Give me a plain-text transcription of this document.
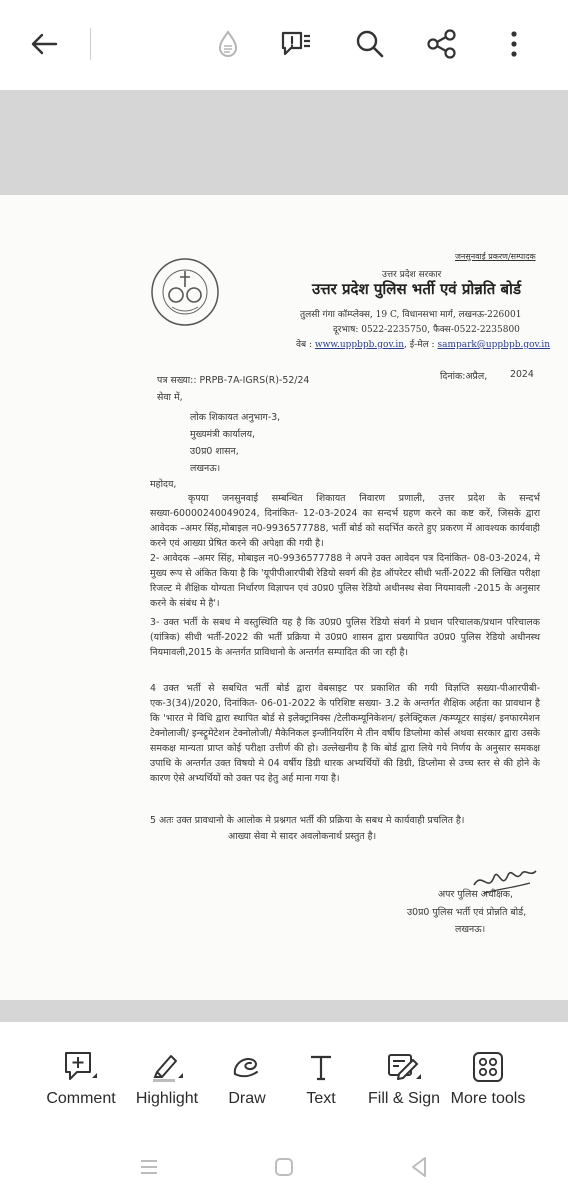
जनसुनवाई प्रकरण/सम्पादक
उत्तर प्रदेश सरकार
उत्तर प्रदेश पुलिस भर्ती एवं प्रोन्नति बोर्ड
तुलसी गंगा कॉम्प्लेक्स, 19 C, विधानसभा मार्ग, लखनऊ-226001
दूरभाष: 0522-2235750, फैक्स-0522-2235800
वेब : www.uppbpb.gov.in, ई-मेल : sampark@uppbpb.gov.in
पत्र सख्या:: PRPB-7A-IGRS(R)-52/24	दिनांक:अप्रैल, 2024
सेवा में,
लोक शिकायत अनुभाग-3,
मुख्यमंत्री कार्यालय,
उ0प्र0 शासन,
लखनऊ।
महोदय,
कृपया जनसुनवाई सम्बन्धित शिकायत निवारण प्रणाली, उत्तर प्रदेश के सन्दर्भ सख्या-60000240049024, दिनांकित- 12-03-2024 का सन्दर्भ ग्रहण करने का कष्ट करें, जिसके द्वारा आवेदक –अमर सिंह,मोबाइल न0-9936577788, भर्ती बोर्ड को सदर्भित करते हुए प्रकरण में आवश्यक कार्यवाही करने एवं आख्या प्रेषित करने की अपेक्षा की गयी है।
2- आवेदक –अमर सिंह, मोबाइल न0-9936577788 ने अपने उक्त आवेदन पत्र दिनांकित- 08-03-2024, मे मुख्य रूप से अंकित किया है कि 'यूपीपीआरपीबी रेडियो सवर्ग की हेड ऑपरेटर सीधी भर्ती-2022 की लिखित परीक्षा रिजल्ट मे शैक्षिक योग्यता निर्धारण विज्ञापन एवं उ0प्र0 पुलिस रेडियो अधीनस्थ सेवा नियमावली -2015 के अनुसार करने के संबंध मे है'।
3- उक्त भर्ती के सबध मे वस्तुस्थिति यह है कि उ0प्र0 पुलिस रेडियो संवर्ग मे प्रधान परिचालक/प्रधान परिचालक (यांत्रिक) सीधी भर्ती-2022 की भर्ती प्रक्रिया मे उ0प्र0 शासन द्वारा प्रख्यापित उ0प्र0 पुलिस रेडियो अधीनस्थ नियमावली,2015 के अन्तर्गत प्राविधानो के अन्तर्गत सम्पादित की जा रही है।
4 उक्त भर्ती से सबधित भर्ती बोर्ड द्वारा वेबसाइट पर प्रकाशित की गयी विज्ञप्ति सख्या-पीआरपीबी-एक-3(34)/2020, दिनांकित- 06-01-2022 के परिशिष्ट सख्या- 3.2 के अन्तर्गत शैक्षिक अर्हता का प्रावधान है कि 'भारत मे विधि द्वारा स्थापित बोर्ड से इलेक्ट्रानिक्स /टेलीकम्यूनिकेशन/ इलेक्ट्रिकल /कम्प्यूटर साइंस/ इनफारमेशन टेक्नोलाजी/ इन्स्ट्रूमेटेशन टेक्नोलोजी/ मैकेनिकल इन्जीनियरिंग मे तीन वर्षीय डिप्लोमा कोर्स अथवा सरकार द्वारा उसके समकक्ष मान्यता प्राप्त कोई परीक्षा उत्तीर्ण की हो। उल्लेखनीय है कि बोर्ड द्वारा लिये गये निर्णय के अनुसार समकक्ष उपाधि के अन्तर्गत उक्त विषयो मे 04 वर्षीय डिग्री धारक अभ्यर्थियों की डिग्री, डिप्लोमा से उच्च स्तर से की होने के कारण ऐसे अभ्यर्थियों को उक्त पद हेतु अर्ह माना गया है।
5 अतः उक्त प्रावधानो के आलोक मे प्रश्नगत भर्ती की प्रक्रिया के सबध मे कार्यवाही प्रचलित है।
आख्या सेवा मे सादर अवलोकनार्थ प्रस्तुत है।
अपर पुलिस अधीक्षक,
उ0प्र0 पुलिस भर्ती एवं प्रोन्नति बोर्ड,
लखनऊ।
Comment	Highlight	Draw	Text	Fill & Sign More tools
